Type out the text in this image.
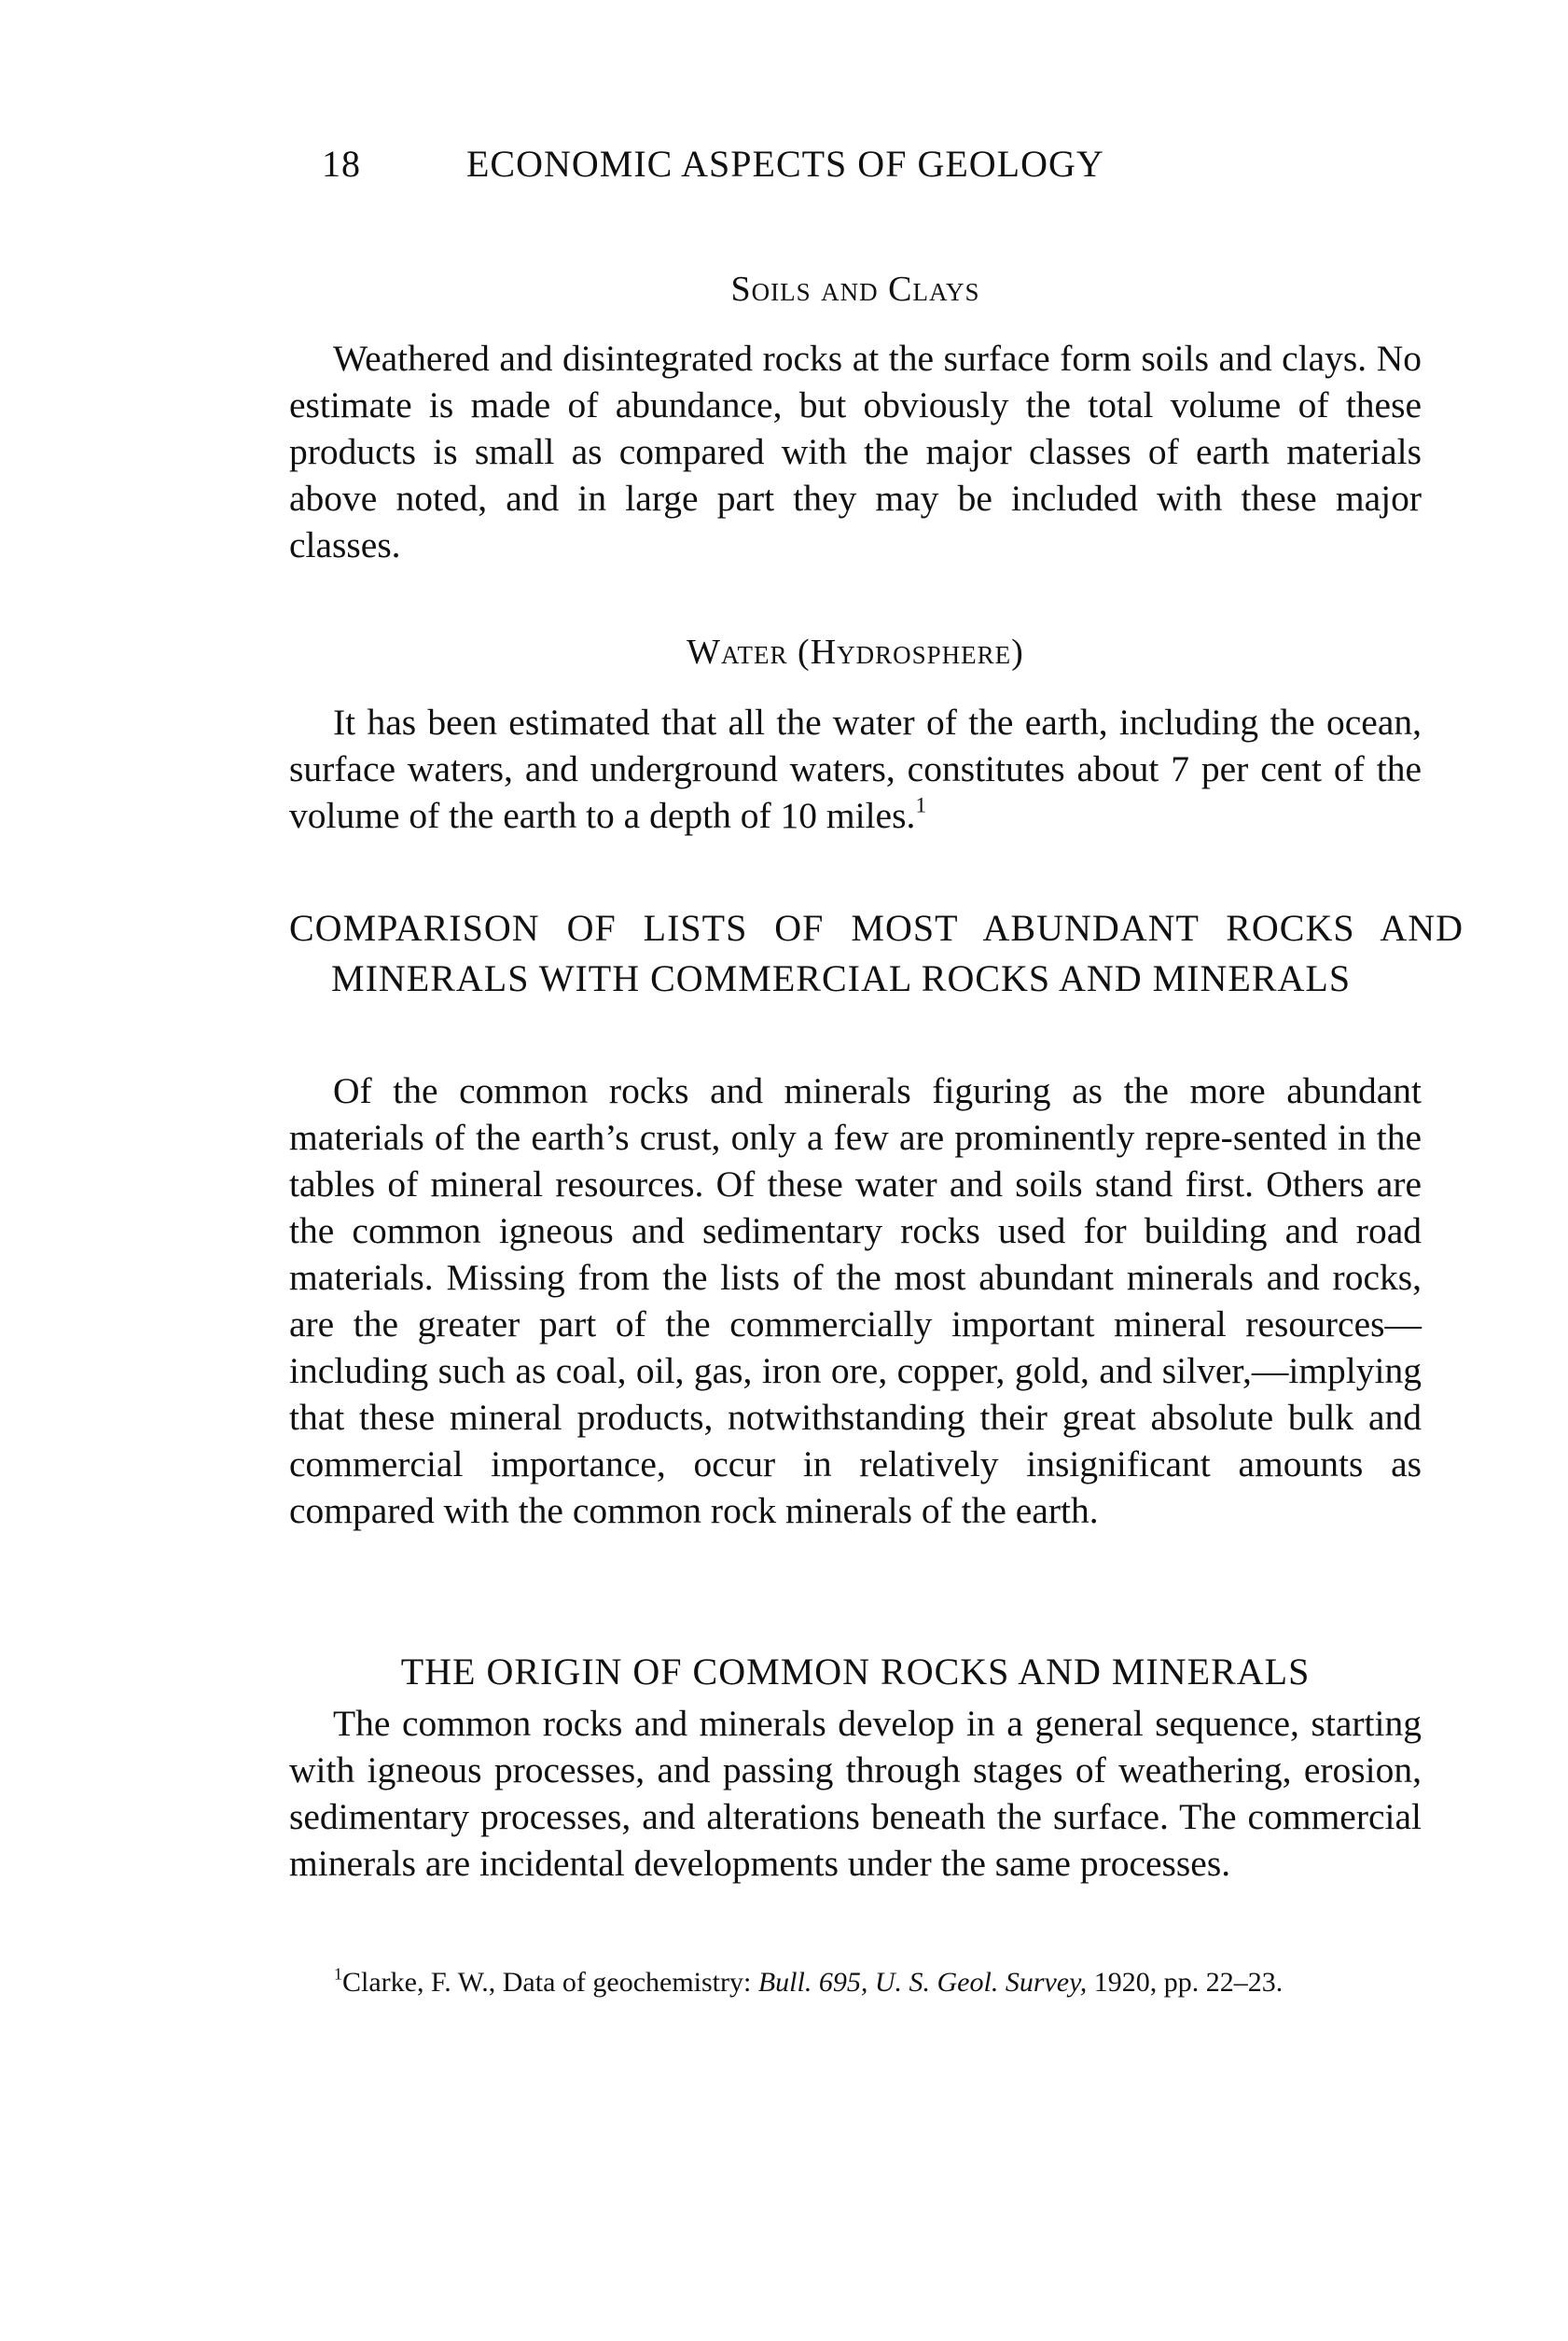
18	ECONOMIC ASPECTS OF GEOLOGY
Soils and Clays

Weathered and disintegrated rocks at the surface form soils and clays. No estimate is made of abundance, but obviously the total volume of these products is small as compared with the major classes of earth materials above noted, and in large part they may be included with these major classes.

Water (Hydrosphere)

It has been estimated that all the water of the earth, including the ocean, surface waters, and underground waters, constitutes about 7 per cent of the volume of the earth to a depth of 10 miles.$^1$

COMPARISON OF LISTS OF MOST ABUNDANT ROCKS AND MINERALS WITH COMMERCIAL ROCKS AND MINERALS

Of the common rocks and minerals figuring as the more abundant materials of the earth’s crust, only a few are prominently repre-sented in the tables of mineral resources. Of these water and soils stand first. Others are the common igneous and sedimentary rocks used for building and road materials. Missing from the lists of the most abundant minerals and rocks, are the greater part of the commercially important mineral resources—including such as coal, oil, gas, iron ore, copper, gold, and silver,—implying that these mineral products, notwithstanding their great absolute bulk and commercial importance, occur in relatively insignificant amounts as compared with the common rock minerals of the earth.

THE ORIGIN OF COMMON ROCKS AND MINERALS

The common rocks and minerals develop in a general sequence, starting with igneous processes, and passing through stages of weathering, erosion, sedimentary processes, and alterations beneath the surface. The commercial minerals are incidental developments under the same processes.

$^1$Clarke, F. W., Data of geochemistry: Bull. 695, U. S. Geol. Survey, 1920, pp. 22–23.
